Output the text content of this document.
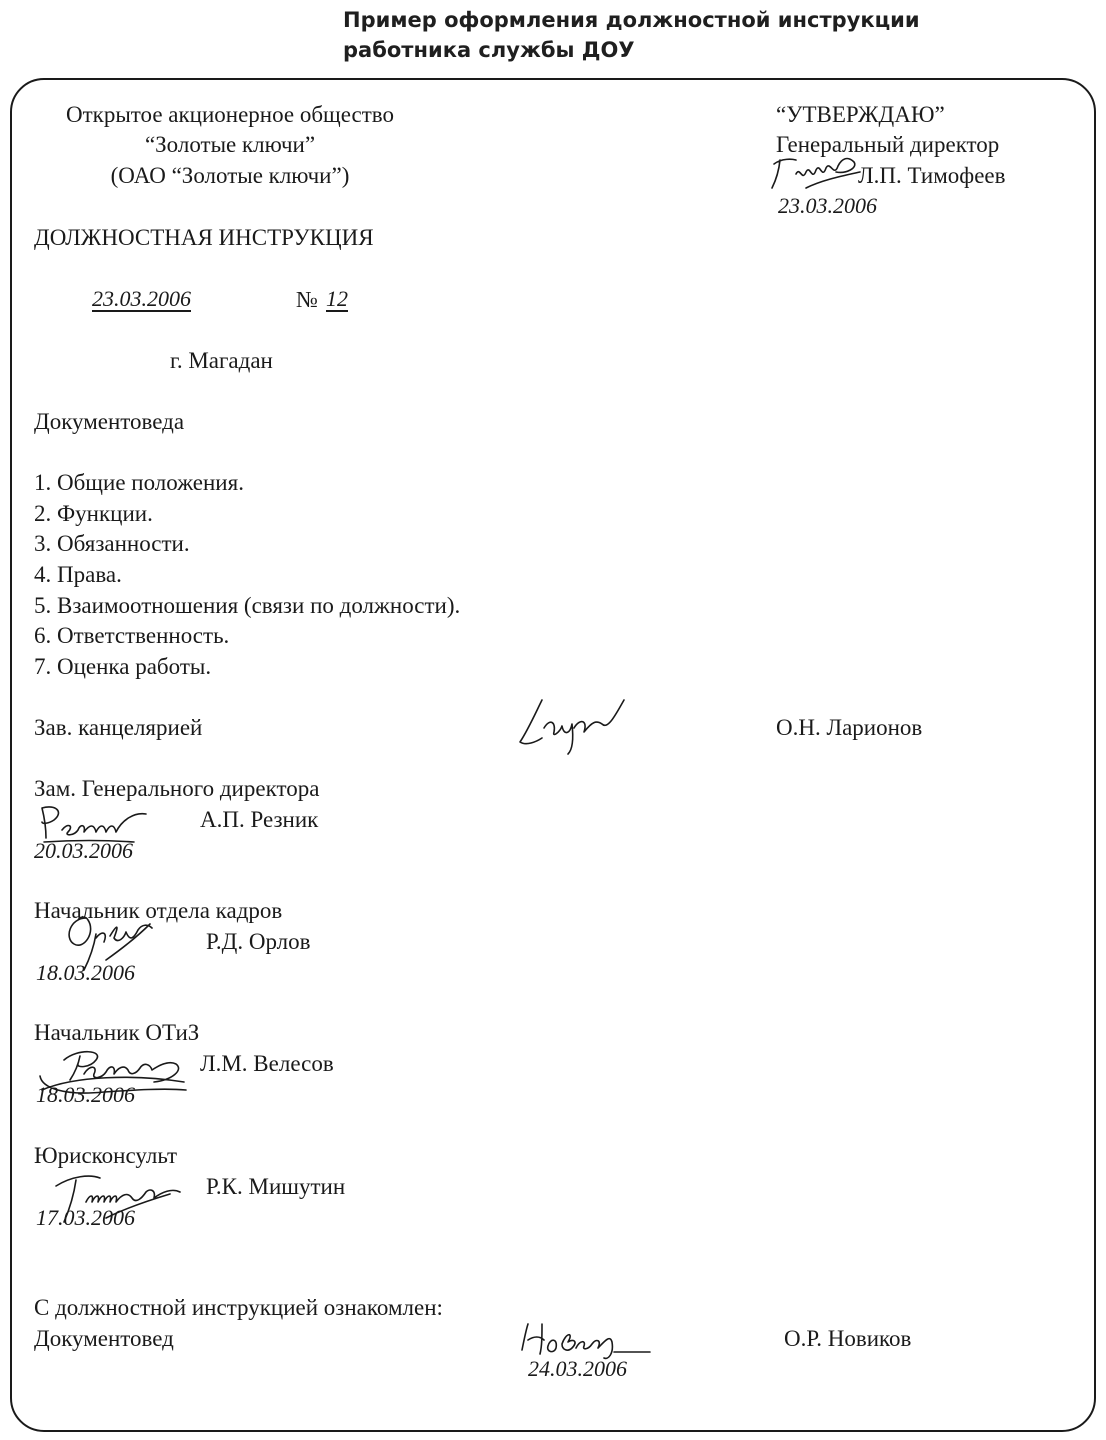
Пример оформления должностной инструкции
работника службы ДОУ
Открытое акционерное общество
“Золотые ключи”
(ОАО “Золотые ключи”)
“УТВЕРЖДАЮ”
Генеральный директор
Л.П. Тимофеев
23.03.2006
ДОЛЖНОСТНАЯ ИНСТРУКЦИЯ
23.03.2006	№ 12
г. Магадан
Документоведа
1. Общие положения.
2. Функции.
3. Обязанности.
4. Права.
5. Взаимоотношения (связи по должности).
6. Ответственность.
7. Оценка работы.
Зав. канцелярией	О.Н. Ларионов
Зам. Генерального директора
А.П. Резник
20.03.2006
Начальник отдела кадров
Р.Д. Орлов
18.03.2006
Начальник ОТиЗ
Л.М. Велесов
18.03.2006
Юрисконсульт
Р.К. Мишутин
17.03.2006
С должностной инструкцией ознакомлен:
Документовед
24.03.2006
О.Р. Новиков
